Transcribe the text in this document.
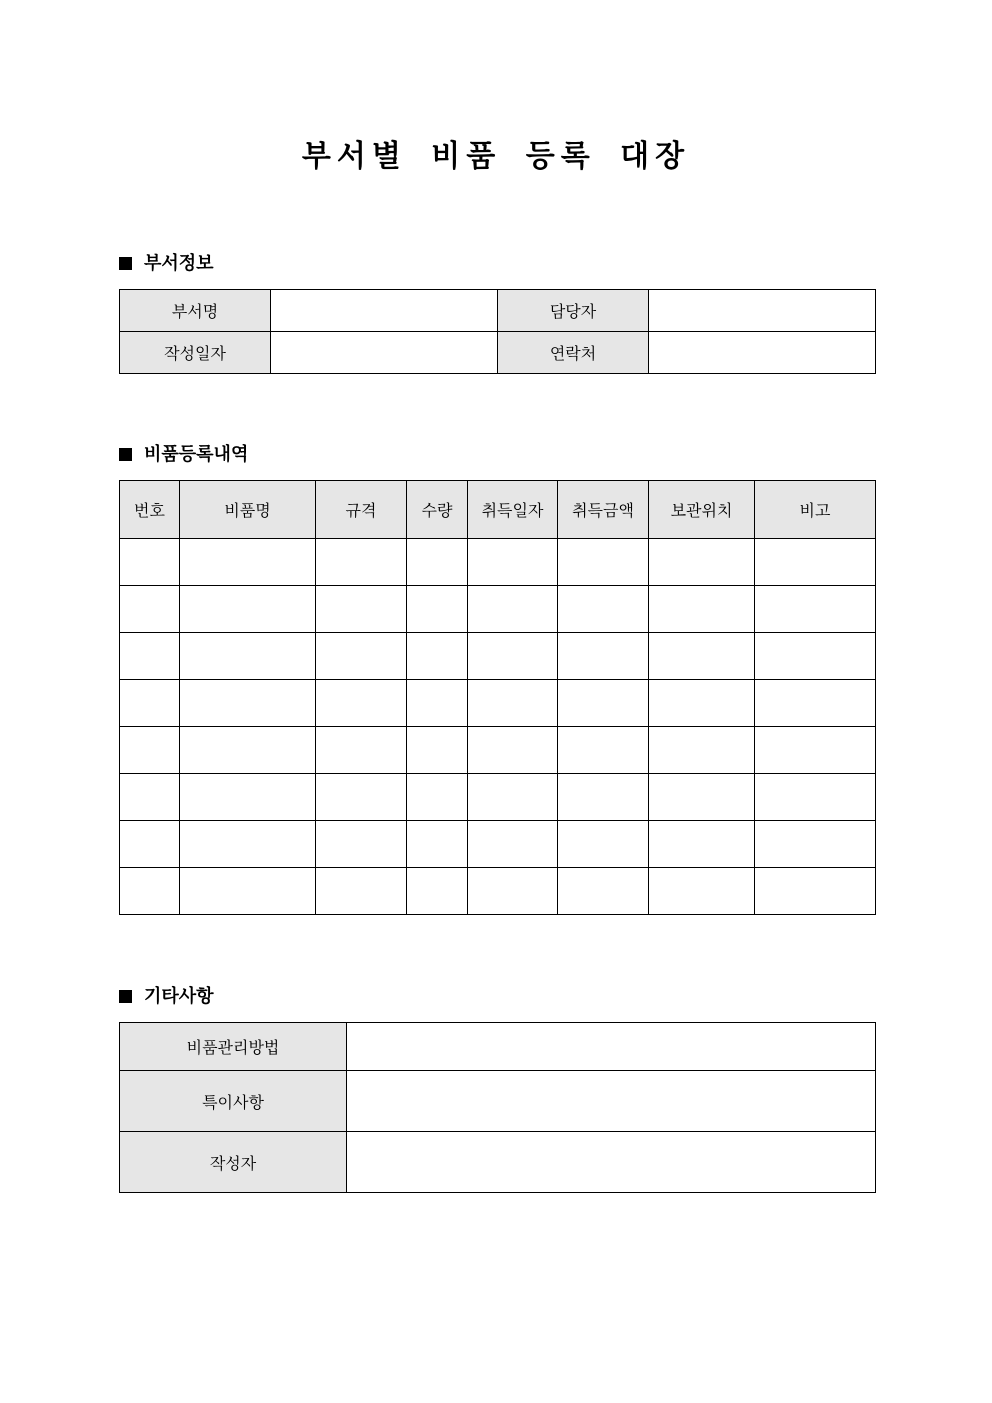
부서별 비품 등록 대장
부서정보
부서명		담당자	
작성일자		연락처	
비품등록내역
번호	비품명	규격	수량	취득일자	취득금액	보관위치	비고

기타사항
비품관리방법	
특이사항	
작성자	
